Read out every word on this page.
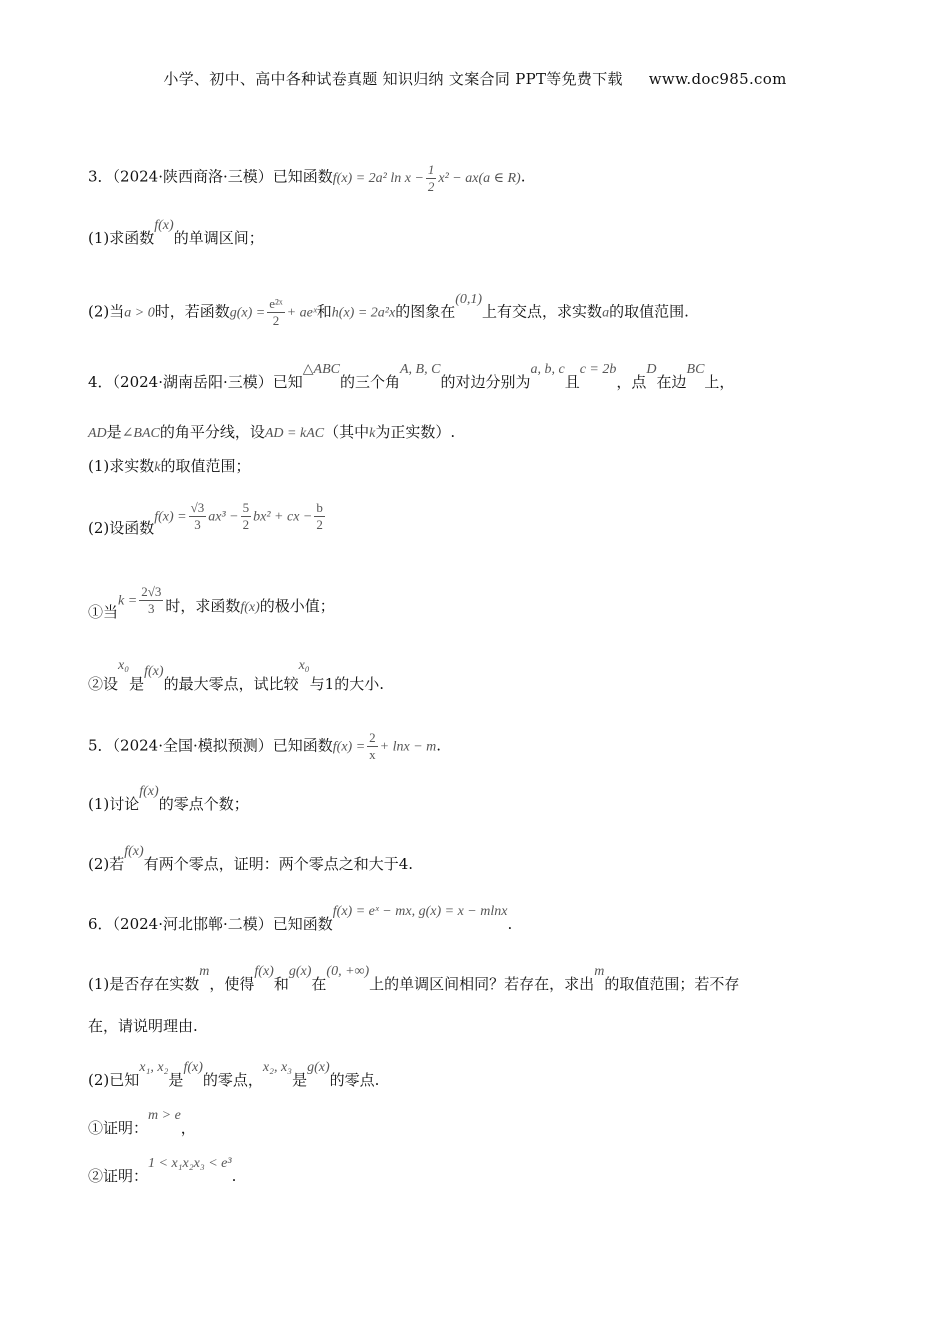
小学、初中、高中各种试卷真题 知识归纳 文案合同 PPT等免费下载 www.doc985.com
3．（2024·陕西商洛·三模）已知函数f(x) = 2a² $\ln x - \frac{1}{2} x^2 - ax(a$ ∈ R).
(1)求函数f(x)的单调区间；
(2)当a > 0时，若函数$g(x) = \frac{\text{e²ˣ}}{2}$ + aeˣ和h(x) = 2a²x的图象在(0,1)上有交点，求实数a的取值范围.
4．（2024·湖南岳阳·三模）已知△ABC的三个角A, B, C的对边分别为a, b, c且c = 2b，点D在边BC上，
AD是∠BAC的角平分线，设AD = kAC（其中k为正实数）.
(1)求实数k的取值范围；
(2)设函数$f(x) = \frac{√3}{3} ax^3 - \frac{5}{2} bx^2$ + cx − $\frac{b}{2}$
①当$k = \frac{2√3}{3}$ 时，求函数f(x)的极小值；
②设x₀是f(x)的最大零点，试比较x₀与1的大小.
5．（2024·全国·模拟预测）已知函数$f(x) = \frac{2}{x} + \ln x - m$.
(1)讨论f(x)的零点个数；
(2)若f(x)有两个零点，证明：两个零点之和大于4.
6．（2024·河北邯郸·二模）已知函数f(x) = eˣ − mx, g(x) = x − mlnx.
(1)是否存在实数m，使得f(x)和g(x)在(0, +∞)上的单调区间相同？若存在，求出m的取值范围；若不存
在，请说明理由.
(2)已知x₁, x₂是f(x)的零点，x₂, x₃是g(x)的零点.
①证明：m > e，
②证明：1 < x₁x₂x₃ < e³.
